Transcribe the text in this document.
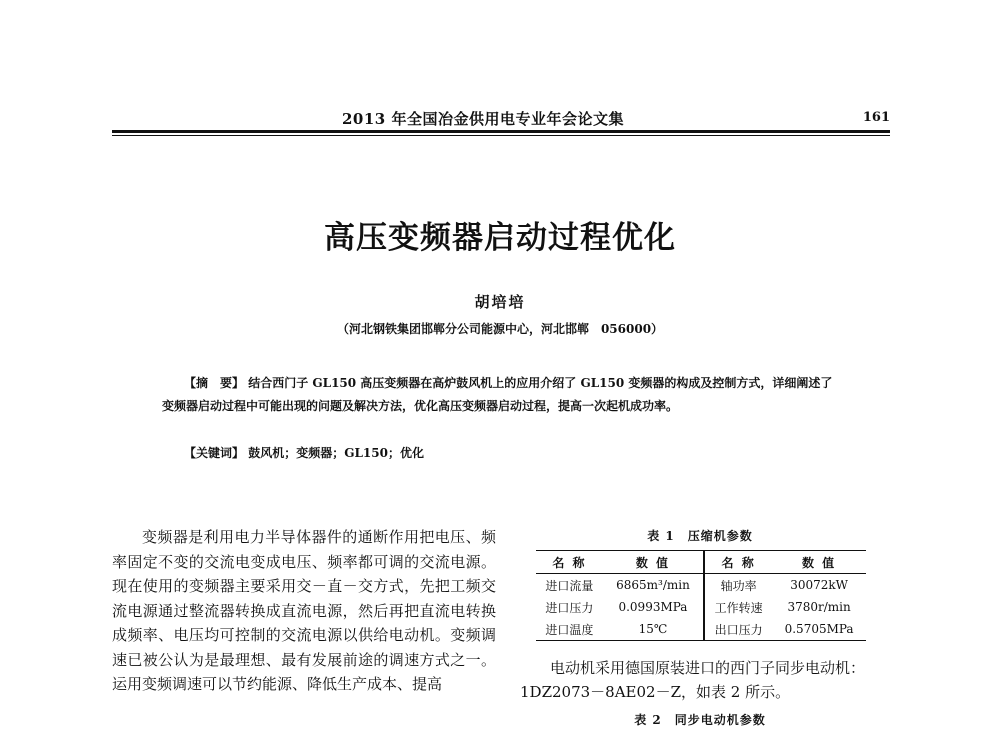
2013 年全国冶金供用电专业年会论文集	161
高压变频器启动过程优化
胡培培
（河北钢铁集团邯郸分公司能源中心，河北邯郸　056000）

【摘　要】 结合西门子 GL150 高压变频器在高炉鼓风机上的应用介绍了 GL150 变频器的构成及控制方式，详细阐述了变频器启动过程中可能出现的问题及解决方法，优化高压变频器启动过程，提高一次起机成功率。

【关键词】 鼓风机；变频器；GL150；优化

变频器是利用电力半导体器件的通断作用把电压、频率固定不变的交流电变成电压、频率都可调的交流电源。现在使用的变频器主要采用交－直－交方式，先把工频交流电源通过整流器转换成直流电源，然后再把直流电转换成频率、电压均可控制的交流电源以供给电动机。变频调速已被公认为是最理想、最有发展前途的调速方式之一。运用变频调速可以节约能源、降低生产成本、提高

表 1　压缩机参数
名 称	数 值	名 称	数 值
进口流量	6865m³/min	轴功率	30072kW
进口压力	0.0993MPa	工作转速	3780r/min
进口温度	15℃	出口压力	0.5705MPa

电动机采用德国原装进口的西门子同步电动机：1DZ2073－8AE02－Z，如表 2 所示。

表 2　同步电动机参数
